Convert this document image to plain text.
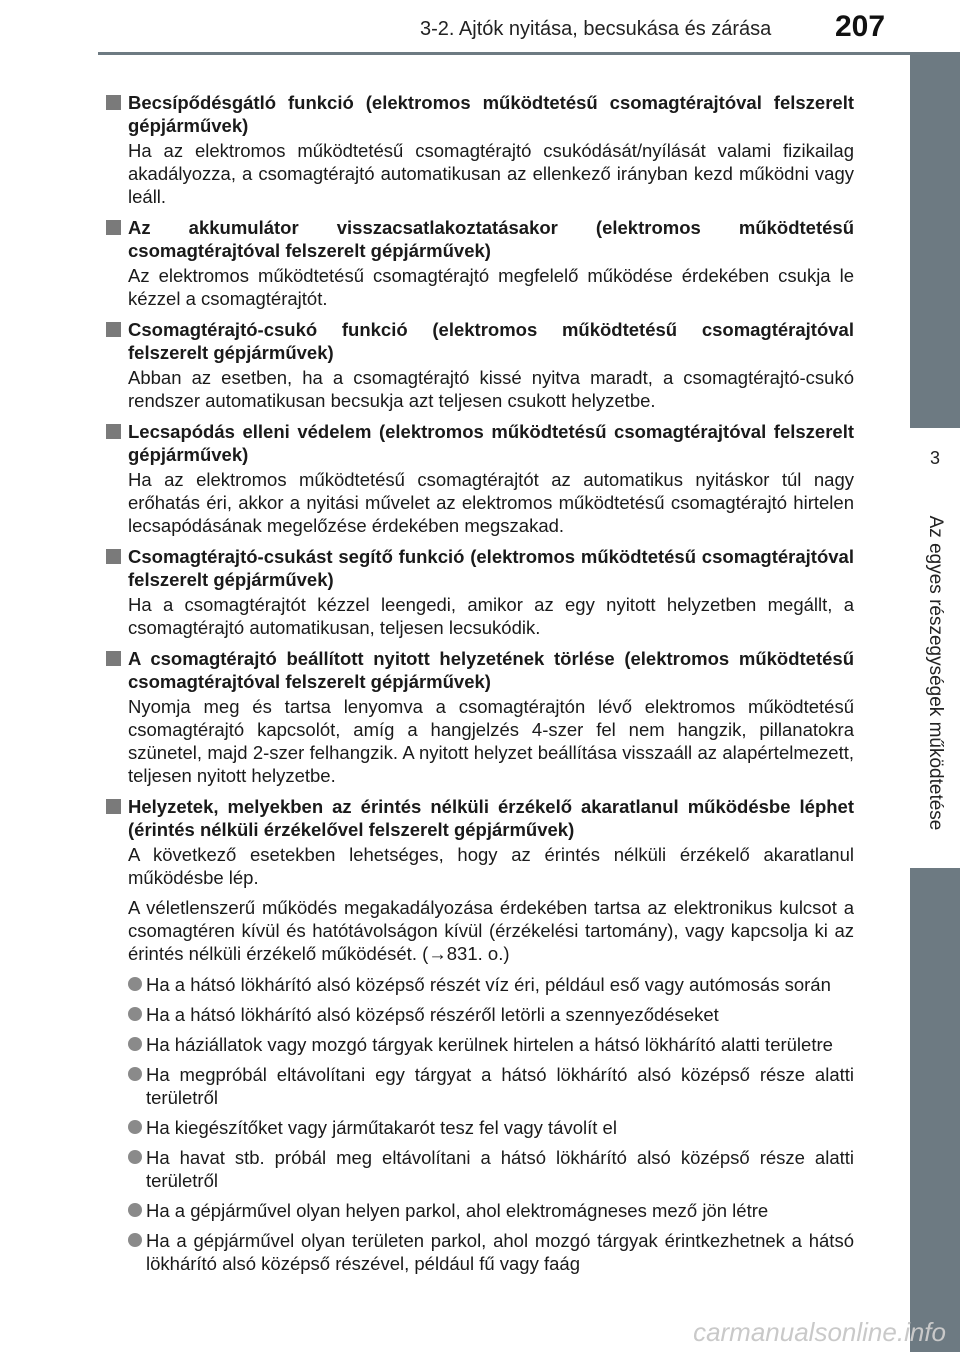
3-2. Ajtók nyitása, becsukása és zárása	207
3
Az egyes részegységek működtetése
Becsípődésgátló funkció (elektromos működtetésű csomagtérajtóval felszerelt gépjárművek)
Ha az elektromos működtetésű csomagtérajtó csukódását/nyílását valami fizikailag akadályozza, a csomagtérajtó automatikusan az ellenkező irányban kezd működni vagy leáll.
Az akkumulátor visszacsatlakoztatásakor (elektromos működtetésű csomagtérajtóval felszerelt gépjárművek)
Az elektromos működtetésű csomagtérajtó megfelelő működése érdekében csukja le kézzel a csomagtérajtót.
Csomagtérajtó-csukó funkció (elektromos működtetésű csomagtérajtóval felszerelt gépjárművek)
Abban az esetben, ha a csomagtérajtó kissé nyitva maradt, a csomagtérajtó-csukó rendszer automatikusan becsukja azt teljesen csukott helyzetbe.
Lecsapódás elleni védelem (elektromos működtetésű csomagtérajtóval felszerelt gépjárművek)
Ha az elektromos működtetésű csomagtérajtót az automatikus nyitáskor túl nagy erőhatás éri, akkor a nyitási művelet az elektromos működtetésű csomagtérajtó hirtelen lecsapódásának megelőzése érdekében megszakad.
Csomagtérajtó-csukást segítő funkció (elektromos működtetésű csomagtérajtóval felszerelt gépjárművek)
Ha a csomagtérajtót kézzel leengedi, amikor az egy nyitott helyzetben megállt, a csomagtérajtó automatikusan, teljesen lecsukódik.
A csomagtérajtó beállított nyitott helyzetének törlése (elektromos működtetésű csomagtérajtóval felszerelt gépjárművek)
Nyomja meg és tartsa lenyomva a csomagtérajtón lévő elektromos működtetésű csomagtérajtó kapcsolót, amíg a hangjelzés 4-szer fel nem hangzik, pillanatokra szünetel, majd 2-szer felhangzik. A nyitott helyzet beállítása visszaáll az alapértelmezett, teljesen nyitott helyzetbe.
Helyzetek, melyekben az érintés nélküli érzékelő akaratlanul működésbe léphet (érintés nélküli érzékelővel felszerelt gépjárművek)
A következő esetekben lehetséges, hogy az érintés nélküli érzékelő akaratlanul működésbe lép.
A véletlenszerű működés megakadályozása érdekében tartsa az elektronikus kulcsot a csomagtéren kívül és hatótávolságon kívül (érzékelési tartomány), vagy kapcsolja ki az érintés nélküli érzékelő működését. (→831. o.)
Ha a hátsó lökhárító alsó középső részét víz éri, például eső vagy autómosás során
Ha a hátsó lökhárító alsó középső részéről letörli a szennyeződéseket
Ha háziállatok vagy mozgó tárgyak kerülnek hirtelen a hátsó lökhárító alatti területre
Ha megpróbál eltávolítani egy tárgyat a hátsó lökhárító alsó középső része alatti területről
Ha kiegészítőket vagy járműtakarót tesz fel vagy távolít el
Ha havat stb. próbál meg eltávolítani a hátsó lökhárító alsó középső része alatti területről
Ha a gépjárművel olyan helyen parkol, ahol elektromágneses mező jön létre
Ha a gépjárművel olyan területen parkol, ahol mozgó tárgyak érintkezhetnek a hátsó lökhárító alsó középső részével, például fű vagy faág
carmanualsonline.info
